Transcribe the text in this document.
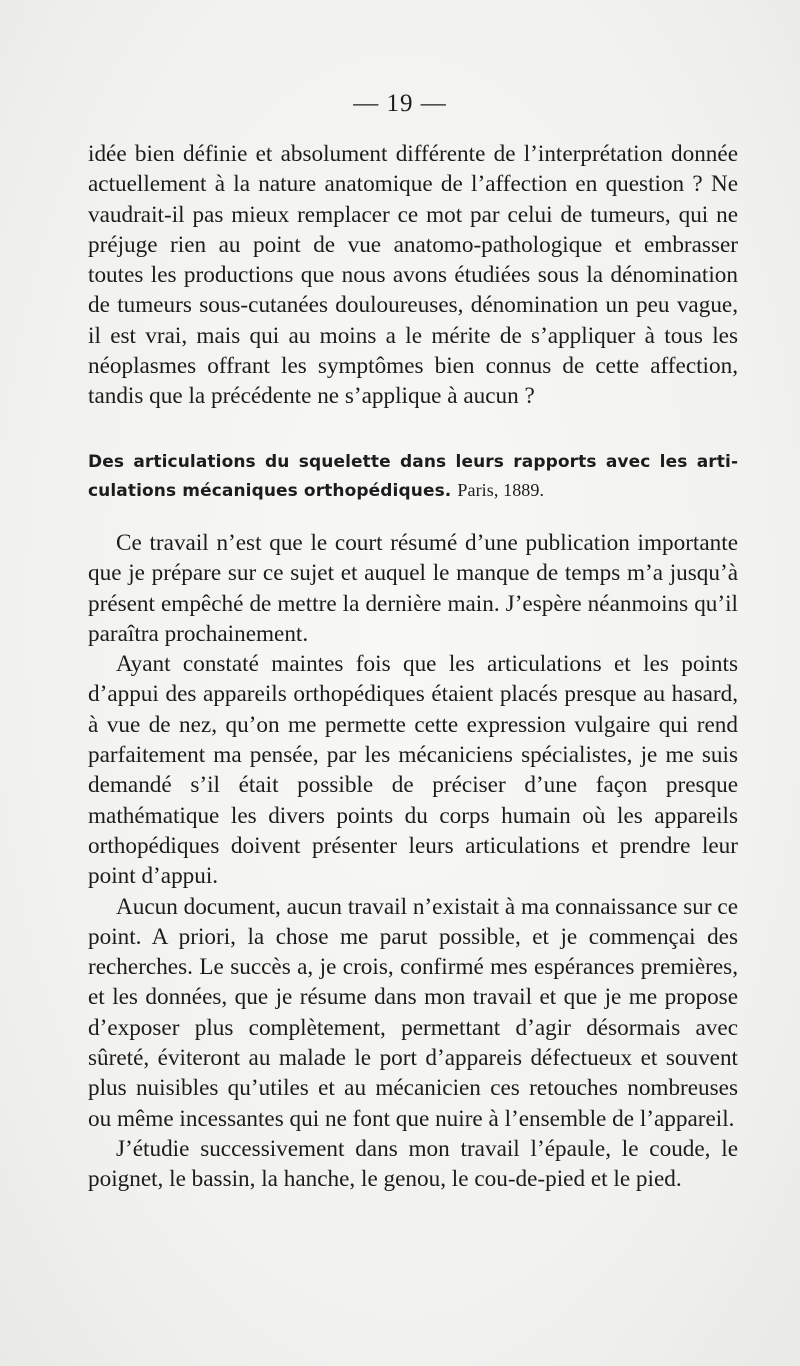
— 19 —

idée bien définie et absolument différente de l’interprétation donnée actuellement à la nature anatomique de l’affection en question ? Ne vaudrait-il pas mieux remplacer ce mot par celui de tumeurs, qui ne préjuge rien au point de vue anatomo-pathologique et embrasser toutes les productions que nous avons étudiées sous la dénomination de tumeurs sous-cutanées douloureuses, dénomination un peu vague, il est vrai, mais qui au moins a le mérite de s’appliquer à tous les néoplasmes offrant les symptômes bien connus de cette affection, tandis que la précédente ne s’applique à aucun ?

Des articulations du squelette dans leurs rapports avec les articulations mécaniques orthopédiques. Paris, 1889.

Ce travail n’est que le court résumé d’une publication importante que je prépare sur ce sujet et auquel le manque de temps m’a jusqu’à présent empêché de mettre la dernière main. J’espère néanmoins qu’il paraîtra prochainement.

Ayant constaté maintes fois que les articulations et les points d’appui des appareils orthopédiques étaient placés presque au hasard, à vue de nez, qu’on me permette cette expression vulgaire qui rend parfaitement ma pensée, par les mécaniciens spécialistes, je me suis demandé s’il était possible de préciser d’une façon presque mathématique les divers points du corps humain où les appareils orthopédiques doivent présenter leurs articulations et prendre leur point d’appui.

Aucun document, aucun travail n’existait à ma connaissance sur ce point. A priori, la chose me parut possible, et je commençai des recherches. Le succès a, je crois, confirmé mes espérances premières, et les données, que je résume dans mon travail et que je me propose d’exposer plus complètement, permettant d’agir désormais avec sûreté, éviteront au malade le port d’appareis défectueux et souvent plus nuisibles qu’utiles et au mécanicien ces retouches nombreuses ou même incessantes qui ne font que nuire à l’ensemble de l’appareil.

J’étudie successivement dans mon travail l’épaule, le coude, le poignet, le bassin, la hanche, le genou, le cou-de-pied et le pied.
